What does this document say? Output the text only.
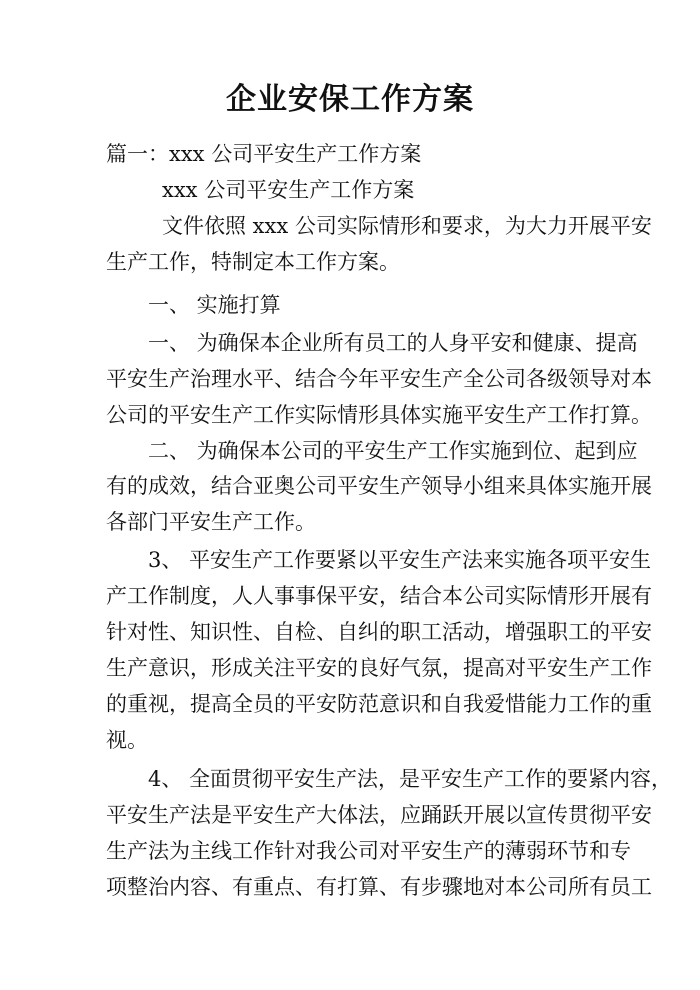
企业安保工作方案
篇一：xxx 公司平安生产工作方案
xxx 公司平安生产工作方案
文件依照 xxx 公司实际情形和要求，为大力开展平安
生产工作，特制定本工作方案。
一、 实施打算
一、 为确保本企业所有员工的人身平安和健康、提高
平安生产治理水平、结合今年平安生产全公司各级领导对本
公司的平安生产工作实际情形具体实施平安生产工作打算。
二、 为确保本公司的平安生产工作实施到位、起到应
有的成效，结合亚奥公司平安生产领导小组来具体实施开展
各部门平安生产工作。
3、 平安生产工作要紧以平安生产法来实施各项平安生
产工作制度，人人事事保平安，结合本公司实际情形开展有
针对性、知识性、自检、自纠的职工活动，增强职工的平安
生产意识，形成关注平安的良好气氛，提高对平安生产工作
的重视，提高全员的平安防范意识和自我爱惜能力工作的重
视。
4、 全面贯彻平安生产法，是平安生产工作的要紧内容，
平安生产法是平安生产大体法，应踊跃开展以宣传贯彻平安
生产法为主线工作针对我公司对平安生产的薄弱环节和专
项整治内容、有重点、有打算、有步骤地对本公司所有员工
